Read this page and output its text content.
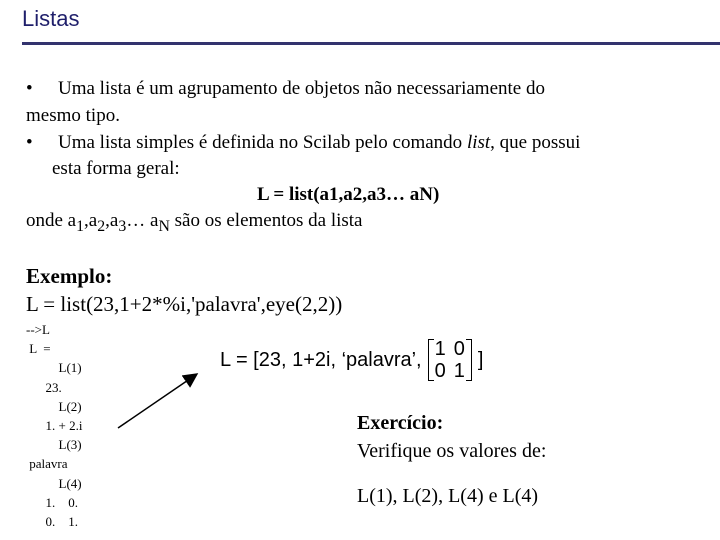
Listas
• Uma lista é um agrupamento de objetos não necessariamente do
mesmo tipo.
• Uma lista simples é definida no Scilab pelo comando list, que possui
esta forma geral:
L = list(a1,a2,a3… aN)
onde $a_1,a_2,a_3\dots$ $a_N$ são os elementos da lista
Exemplo:
L = list(23,1+2*%i,'palavra',eye(2,2))
-->L
L  =
L(1)
23.
L(2)
1. + 2.i
L(3)
palavra
L(4)
1.    0.
0.    1.
L = [23, 1+2i, ‘palavra’, 1 0
0 1
]
Exercício:
Verifique os valores de:
L(1), L(2), L(4) e L(4)
